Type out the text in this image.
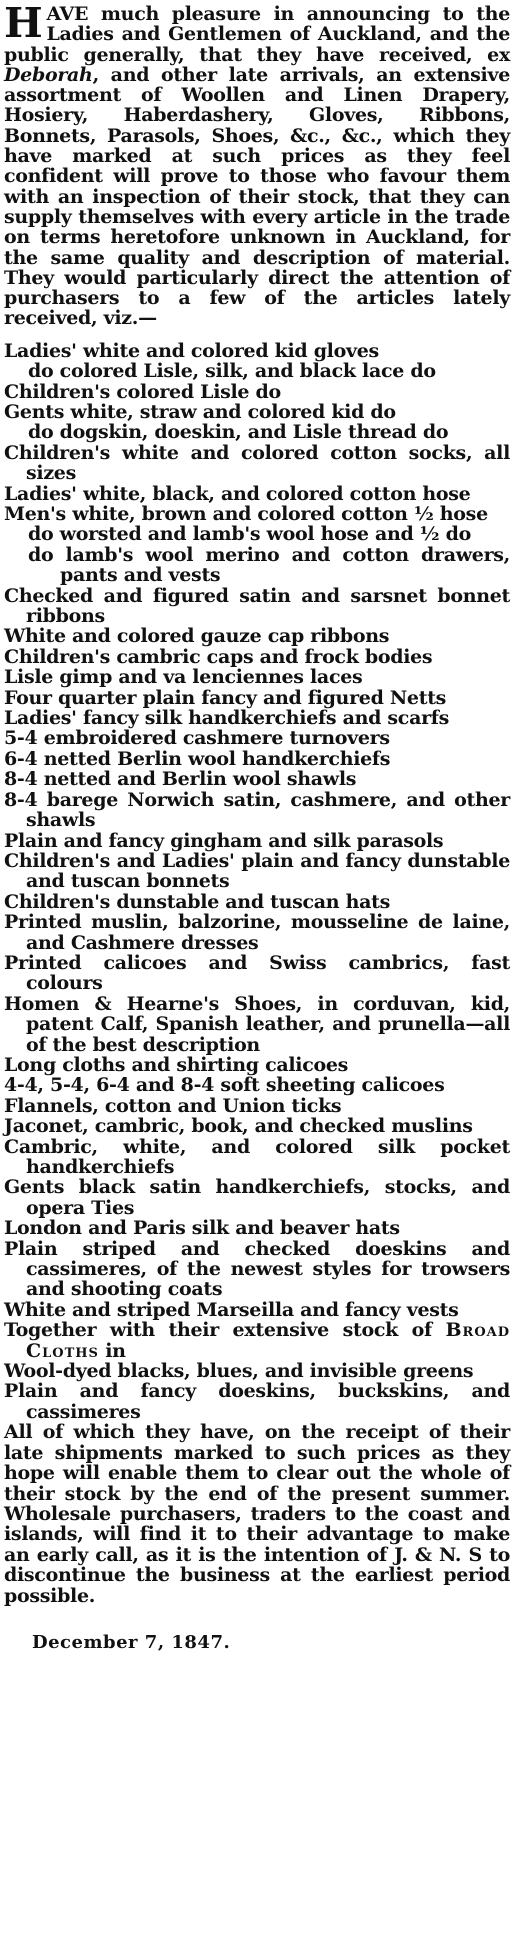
HAVE much pleasure in announcing to the Ladies and Gentlemen of Auckland, and the public generally, that they have received, ex Deborah, and other late arrivals, an extensive assortment of Woollen and Linen Drapery, Hosiery, Haberdashery, Gloves, Ribbons, Bonnets, Parasols, Shoes, &c., &c., which they have marked at such prices as they feel confident will prove to those who favour them with an inspection of their stock, that they can supply themselves with every article in the trade on terms heretofore unknown in Auckland, for the same quality and description of material. They would particularly direct the attention of purchasers to a few of the articles lately received, viz.—

Ladies' white and colored kid gloves
do colored Lisle, silk, and black lace do
Children's colored Lisle do
Gents white, straw and colored kid do
do dogskin, doeskin, and Lisle thread do
Children's white and colored cotton socks, all sizes
Ladies' white, black, and colored cotton hose
Men's white, brown and colored cotton ½ hose
do worsted and lamb's wool hose and ½ do
do lamb's wool merino and cotton drawers, pants and vests
Checked and figured satin and sarsnet bonnet ribbons
White and colored gauze cap ribbons
Children's cambric caps and frock bodies
Lisle gimp and va lenciennes laces
Four quarter plain fancy and figured Netts
Ladies' fancy silk handkerchiefs and scarfs
5-4 embroidered cashmere turnovers
6-4 netted Berlin wool handkerchiefs
8-4 netted and Berlin wool shawls
8-4 barege Norwich satin, cashmere, and other shawls
Plain and fancy gingham and silk parasols
Children's and Ladies' plain and fancy dunstable and tuscan bonnets
Children's dunstable and tuscan hats
Printed muslin, balzorine, mousseline de laine, and Cashmere dresses
Printed calicoes and Swiss cambrics, fast colours
Homen & Hearne's Shoes, in corduvan, kid, patent Calf, Spanish leather, and prunella—all of the best description
Long cloths and shirting calicoes
4-4, 5-4, 6-4 and 8-4 soft sheeting calicoes
Flannels, cotton and Union ticks
Jaconet, cambric, book, and checked muslins
Cambric, white, and colored silk pocket handkerchiefs
Gents black satin handkerchiefs, stocks, and opera Ties
London and Paris silk and beaver hats
Plain striped and checked doeskins and cassimeres, of the newest styles for trowsers and shooting coats
White and striped Marseilla and fancy vests
Together with their extensive stock of Broad Cloths in
Wool-dyed blacks, blues, and invisible greens
Plain and fancy doeskins, buckskins, and cassimeres

All of which they have, on the receipt of their late shipments marked to such prices as they hope will enable them to clear out the whole of their stock by the end of the present summer. Wholesale purchasers, traders to the coast and islands, will find it to their advantage to make an early call, as it is the intention of J. & N. S to discontinue the business at the earliest period possible.

December 7, 1847.
